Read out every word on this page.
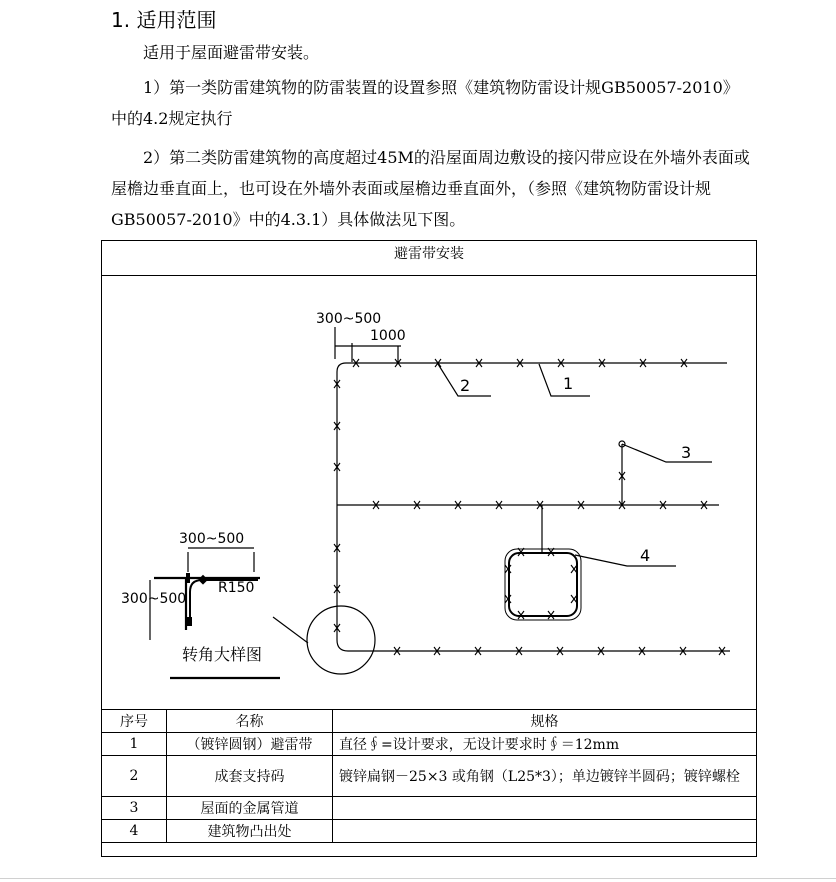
1. 适用范围

适用于屋面避雷带安装。

1）第一类防雷建筑物的防雷装置的设置参照《建筑物防雷设计规GB50057-2010》中的4.2规定执行

2）第二类防雷建筑物的高度超过45M的沿屋面周边敷设的接闪带应设在外墙外表面或屋檐边垂直面上，也可设在外墙外表面或屋檐边垂直面外，（参照《建筑物防雷设计规GB50057-2010》中的4.3.1）具体做法见下图。

避雷带安装
300~500
1000
1
2
3
4
300~500
300~500
R150
转角大样图
序号	名称	规格
1	（镀锌圆钢）避雷带	直径∮=设计要求，无设计要求时∮＝12mm
2	成套支持码	镀锌扁钢－25×3 或角钢（L25*3）；单边镀锌半圆码；镀锌螺栓
3	屋面的金属管道	
4	建筑物凸出处	
